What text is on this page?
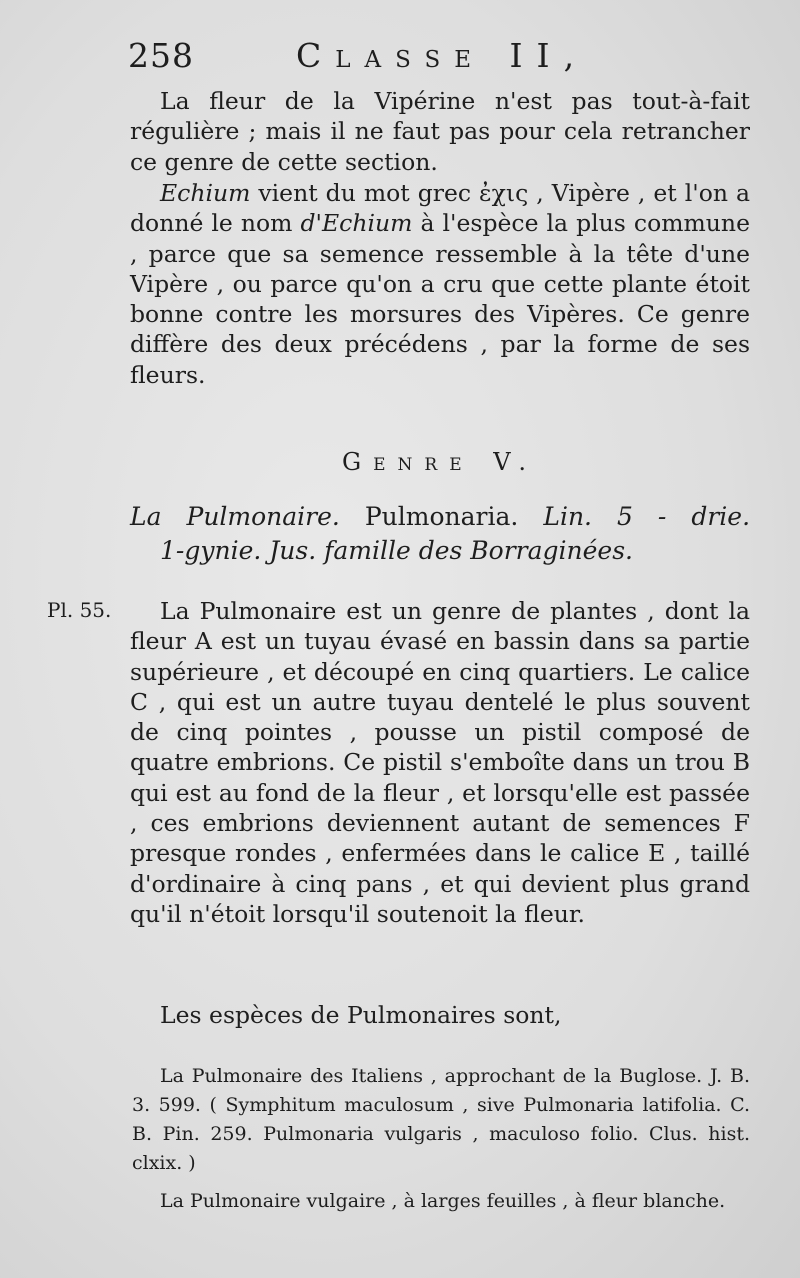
258	Classe II,

La fleur de la Vipérine n'est pas tout-à-fait régulière ; mais il ne faut pas pour cela retrancher ce genre de cette section.

Echium vient du mot grec ἐχις , Vipère , et l'on a donné le nom d'Echium à l'espèce la plus commune , parce que sa semence ressemble à la tête d'une Vipère , ou parce qu'on a cru que cette plante étoit bonne contre les morsures des Vipères. Ce genre diffère des deux précédens , par la forme de ses fleurs.

Genre V.
La Pulmonaire. Pulmonaria. Lin. 5 - drie.
1-gynie. Jus. famille des Borraginées.
Pl. 55.	La Pulmonaire est un genre de plantes , dont la fleur A est un tuyau évasé en bassin dans sa partie supérieure , et découpé en cinq quartiers. Le calice C , qui est un autre tuyau dentelé le plus souvent de cinq pointes , pousse un pistil composé de quatre embrions. Ce pistil s'emboîte dans un trou B qui est au fond de la fleur , et lorsqu'elle est passée , ces embrions deviennent autant de semences F presque rondes , enfermées dans le calice E , taillé d'ordinaire à cinq pans , et qui devient plus grand qu'il n'étoit lorsqu'il soutenoit la fleur.

Les espèces de Pulmonaires sont,

La Pulmonaire des Italiens , approchant de la Buglose. J. B. 3. 599. ( Symphitum maculosum , sive Pulmonaria latifolia. C. B. Pin. 259. Pulmonaria vulgaris , maculoso folio. Clus. hist. clxix. )

La Pulmonaire vulgaire , à larges feuilles , à fleur blanche.
